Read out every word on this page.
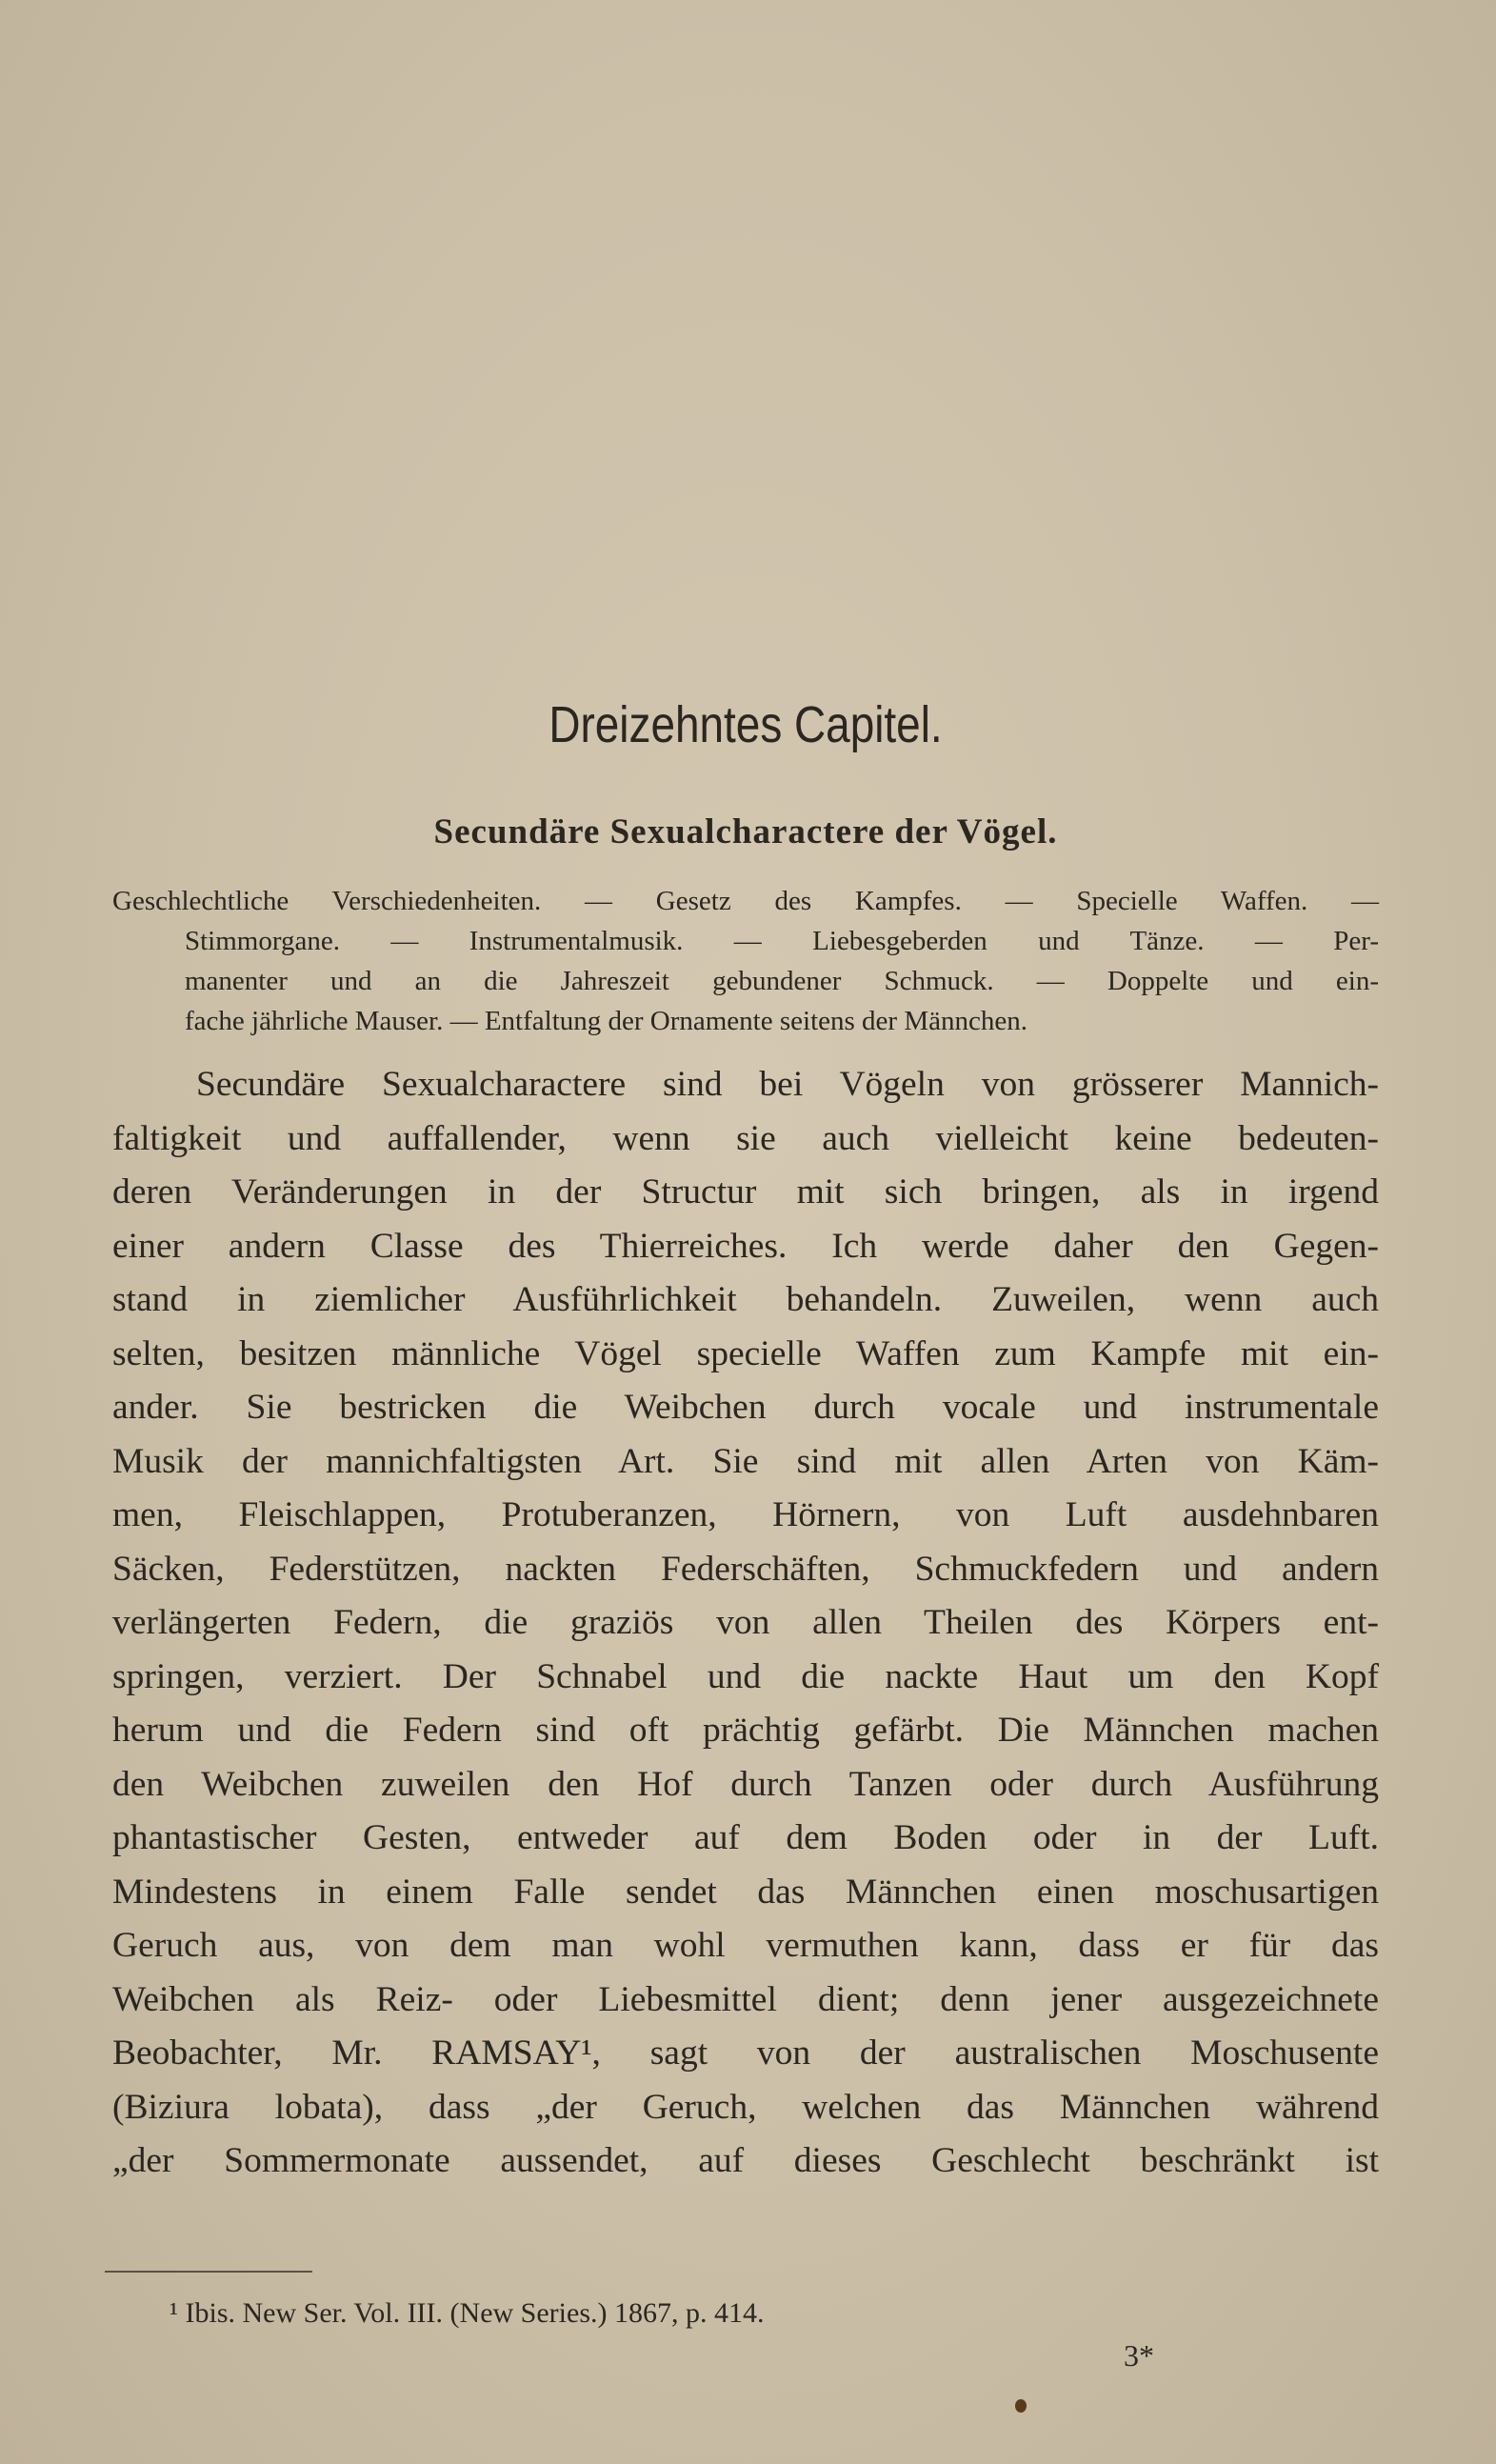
Dreizehntes Capitel.
Secundäre Sexualcharactere der Vögel.
Geschlechtliche Verschiedenheiten. — Gesetz des Kampfes. — Specielle Waffen. —
Stimmorgane. — Instrumentalmusik. — Liebesgeberden und Tänze. — Per-
manenter und an die Jahreszeit gebundener Schmuck. — Doppelte und ein-
fache jährliche Mauser. — Entfaltung der Ornamente seitens der Männchen.
Secundäre Sexualcharactere sind bei Vögeln von grösserer Mannich-
faltigkeit und auffallender, wenn sie auch vielleicht keine bedeuten-
deren Veränderungen in der Structur mit sich bringen, als in irgend
einer andern Classe des Thierreiches. Ich werde daher den Gegen-
stand in ziemlicher Ausführlichkeit behandeln. Zuweilen, wenn auch
selten, besitzen männliche Vögel specielle Waffen zum Kampfe mit ein-
ander. Sie bestricken die Weibchen durch vocale und instrumentale
Musik der mannichfaltigsten Art. Sie sind mit allen Arten von Käm-
men, Fleischlappen, Protuberanzen, Hörnern, von Luft ausdehnbaren
Säcken, Federstützen, nackten Federschäften, Schmuckfedern und andern
verlängerten Federn, die graziös von allen Theilen des Körpers ent-
springen, verziert. Der Schnabel und die nackte Haut um den Kopf
herum und die Federn sind oft prächtig gefärbt. Die Männchen machen
den Weibchen zuweilen den Hof durch Tanzen oder durch Ausführung
phantastischer Gesten, entweder auf dem Boden oder in der Luft.
Mindestens in einem Falle sendet das Männchen einen moschusartigen
Geruch aus, von dem man wohl vermuthen kann, dass er für das
Weibchen als Reiz- oder Liebesmittel dient; denn jener ausgezeichnete
Beobachter, Mr. RAMSAY¹, sagt von der australischen Moschusente
(Biziura lobata), dass „der Geruch, welchen das Männchen während
„der Sommermonate aussendet, auf dieses Geschlecht beschränkt ist
¹ Ibis. New Ser. Vol. III. (New Series.) 1867, p. 414.
3*
